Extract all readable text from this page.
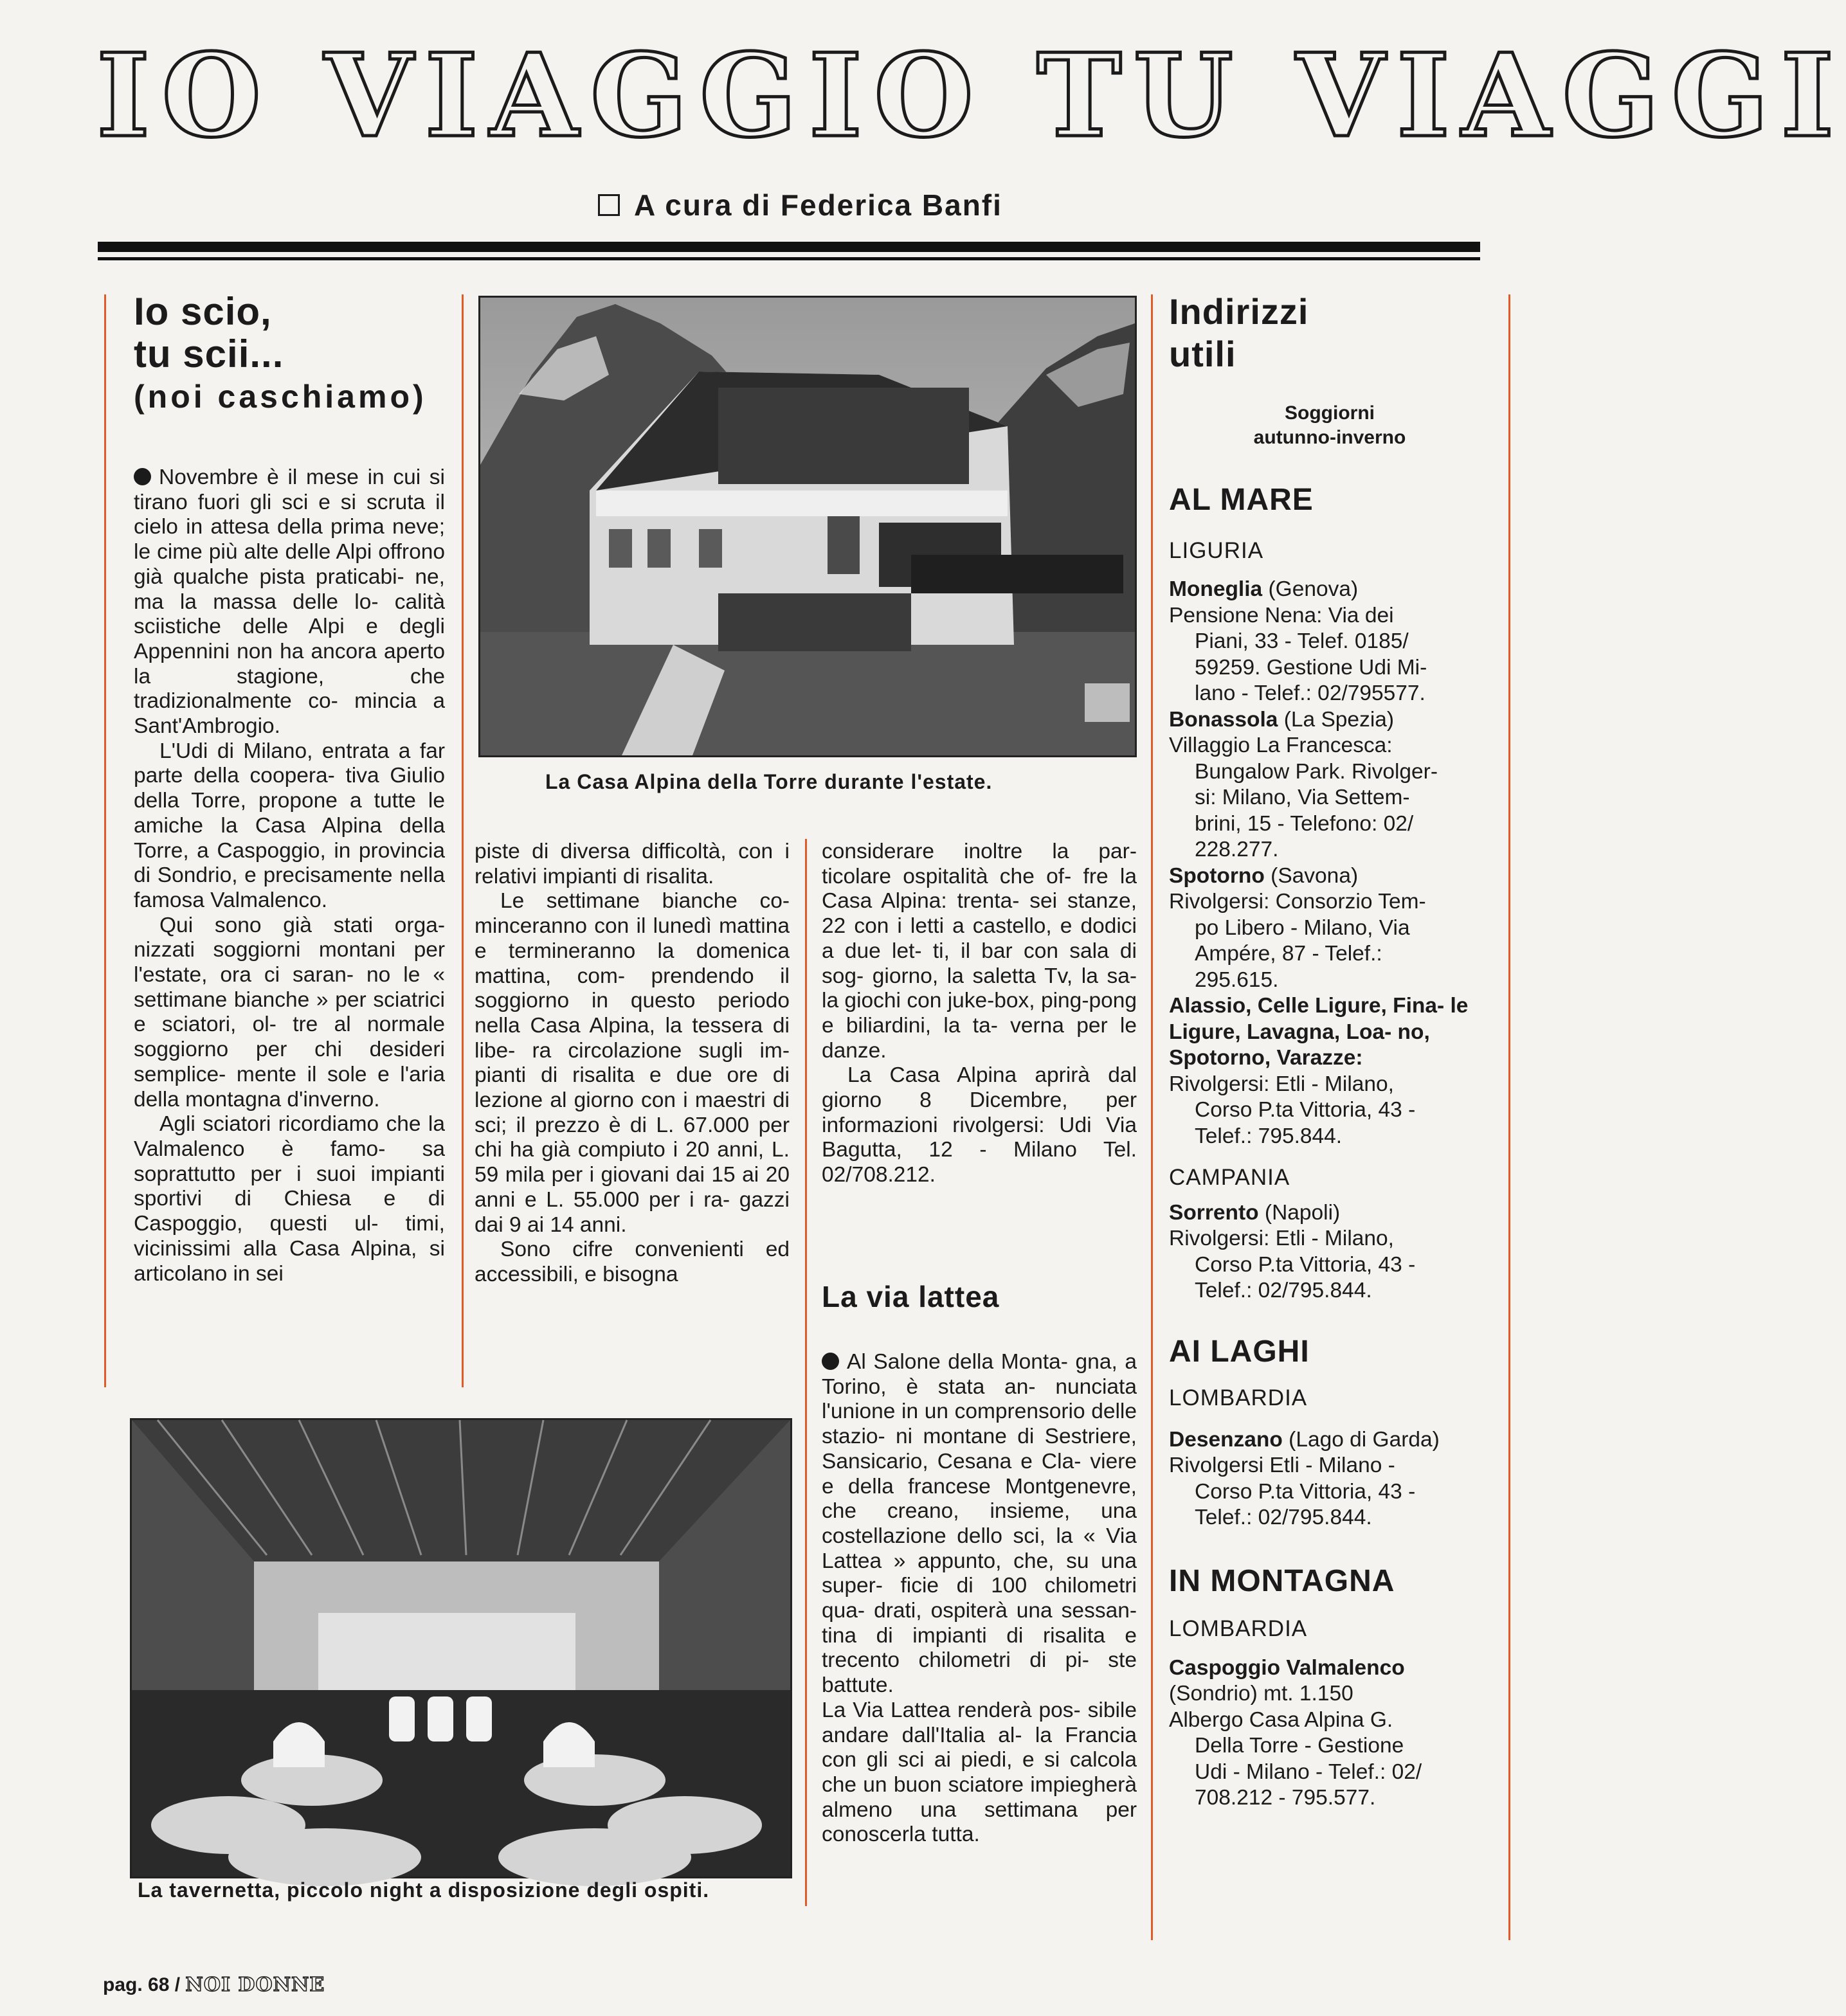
IO VIAGGIO TU VIAGGI
A cura di Federica Banfi
Io scio,
tu scii...
(noi caschiamo)

Novembre è il mese in cui si tirano fuori gli sci e si scruta il cielo in attesa della prima neve; le cime più alte delle Alpi offrono già qualche pista praticabi- ne, ma la massa delle lo- calità sciistiche delle Alpi e degli Appennini non ha ancora aperto la stagione, che tradizionalmente co- mincia a Sant'Ambrogio.

L'Udi di Milano, entrata a far parte della coopera- tiva Giulio della Torre, propone a tutte le amiche la Casa Alpina della Torre, a Caspoggio, in provincia di Sondrio, e precisamente nella famosa Valmalenco.

Qui sono già stati orga- nizzati soggiorni montani per l'estate, ora ci saran- no le « settimane bianche » per sciatrici e sciatori, ol- tre al normale soggiorno per chi desideri semplice- mente il sole e l'aria della montagna d'inverno.

Agli sciatori ricordiamo che la Valmalenco è famo- sa soprattutto per i suoi impianti sportivi di Chiesa e di Caspoggio, questi ul- timi, vicinissimi alla Casa Alpina, si articolano in sei

La Casa Alpina della Torre durante l'estate.

piste di diversa difficoltà, con i relativi impianti di risalita.

Le settimane bianche co- minceranno con il lunedì mattina e termineranno la domenica mattina, com- prendendo il soggiorno in questo periodo nella Casa Alpina, la tessera di libe- ra circolazione sugli im- pianti di risalita e due ore di lezione al giorno con i maestri di sci; il prezzo è di L. 67.000 per chi ha già compiuto i 20 anni, L. 59 mila per i giovani dai 15 ai 20 anni e L. 55.000 per i ra- gazzi dai 9 ai 14 anni.

Sono cifre convenienti ed accessibili, e bisogna

considerare inoltre la par- ticolare ospitalità che of- fre la Casa Alpina: trenta- sei stanze, 22 con i letti a castello, e dodici a due let- ti, il bar con sala di sog- giorno, la saletta Tv, la sa- la giochi con juke-box, ping-pong e biliardini, la ta- verna per le danze.

La Casa Alpina aprirà dal giorno 8 Dicembre, per informazioni rivolgersi: Udi Via Bagutta, 12 - Milano Tel. 02/708.212.

La via lattea

Al Salone della Monta- gna, a Torino, è stata an- nunciata l'unione in un comprensorio delle stazio- ni montane di Sestriere, Sansicario, Cesana e Cla- viere e della francese Montgenevre, che creano, insieme, una costellazione dello sci, la « Via Lattea » appunto, che, su una super- ficie di 100 chilometri qua- drati, ospiterà una sessan- tina di impianti di risalita e trecento chilometri di pi- ste battute.

La Via Lattea renderà pos- sibile andare dall'Italia al- la Francia con gli sci ai piedi, e si calcola che un buon sciatore impiegherà almeno una settimana per conoscerla tutta.

La tavernetta, piccolo night a disposizione degli ospiti.
Indirizzi
utili
Soggiorni
autunno-inverno
AL MARE
LIGURIA
Moneglia (Genova)
Pensione Nena: Via dei
Piani, 33 - Telef. 0185/
59259. Gestione Udi Mi-
lano - Telef.: 02/795577.
Bonassola (La Spezia)
Villaggio La Francesca:
Bungalow Park. Rivolger-
si: Milano, Via Settem-
brini, 15 - Telefono: 02/
228.277.
Spotorno (Savona)
Rivolgersi: Consorzio Tem-
po Libero - Milano, Via
Ampére, 87 - Telef.:
295.615.
Alassio, Celle Ligure, Fina- le Ligure, Lavagna, Loa- no, Spotorno, Varazze:
Rivolgersi: Etli - Milano,
Corso P.ta Vittoria, 43 -
Telef.: 795.844.
CAMPANIA
Sorrento (Napoli)
Rivolgersi: Etli - Milano,
Corso P.ta Vittoria, 43 -
Telef.: 02/795.844.
AI LAGHI
LOMBARDIA
Desenzano (Lago di Garda)
Rivolgersi Etli - Milano -
Corso P.ta Vittoria, 43 -
Telef.: 02/795.844.
IN MONTAGNA
LOMBARDIA
Caspoggio Valmalenco
(Sondrio) mt. 1.150
Albergo Casa Alpina G.
Della Torre - Gestione
Udi - Milano - Telef.: 02/
708.212 - 795.577.
pag. 68 / NOI DONNE
